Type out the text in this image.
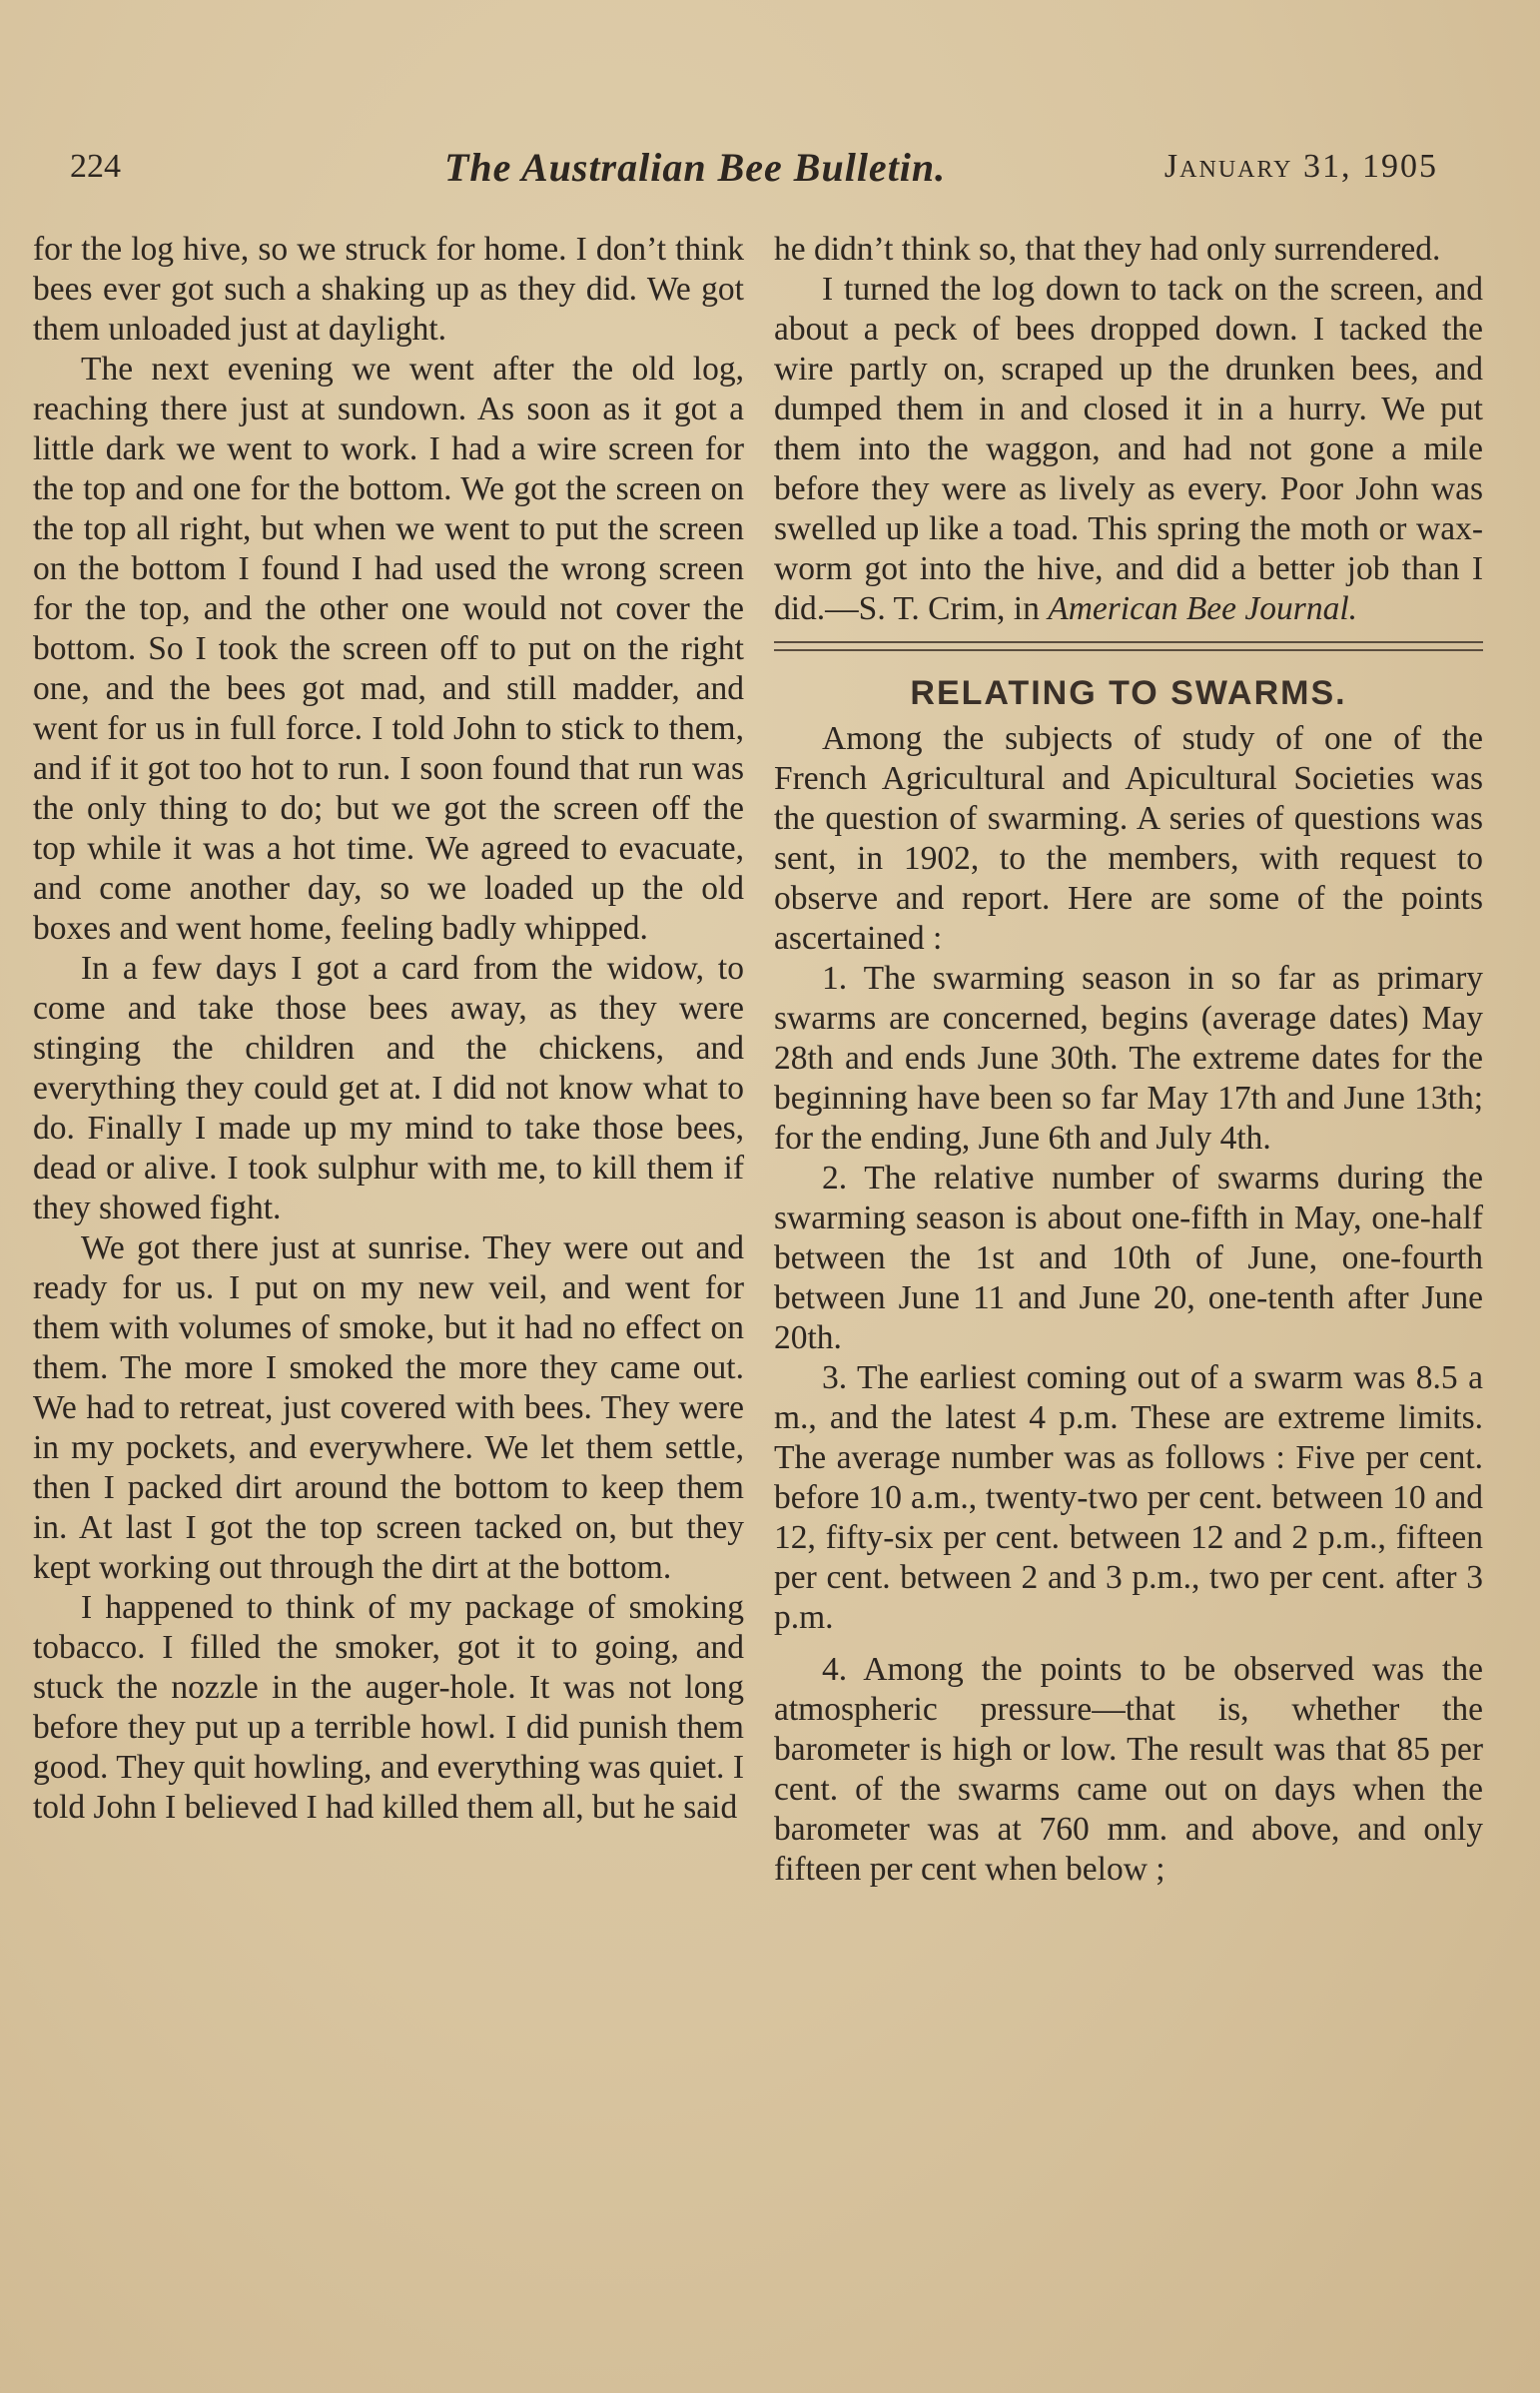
224	The Australian Bee Bulletin.	January 31, 1905

for the log hive, so we struck for home. I don’t think bees ever got such a shaking up as they did. We got them unloaded just at daylight.

The next evening we went after the old log, reaching there just at sundown. As soon as it got a little dark we went to work. I had a wire screen for the top and one for the bottom. We got the screen on the top all right, but when we went to put the screen on the bottom I found I had used the wrong screen for the top, and the other one would not cover the bottom. So I took the screen off to put on the right one, and the bees got mad, and still madder, and went for us in full force. I told John to stick to them, and if it got too hot to run. I soon found that run was the only thing to do; but we got the screen off the top while it was a hot time. We agreed to evacuate, and come another day, so we loaded up the old boxes and went home, feeling badly whipped.

In a few days I got a card from the widow, to come and take those bees away, as they were stinging the children and the chickens, and everything they could get at. I did not know what to do. Finally I made up my mind to take those bees, dead or alive. I took sulphur with me, to kill them if they showed fight.

We got there just at sunrise. They were out and ready for us. I put on my new veil, and went for them with volumes of smoke, but it had no effect on them. The more I smoked the more they came out. We had to retreat, just covered with bees. They were in my pockets, and everywhere. We let them settle, then I packed dirt around the bottom to keep them in. At last I got the top screen tacked on, but they kept working out through the dirt at the bottom.

I happened to think of my package of smoking tobacco. I filled the smoker, got it to going, and stuck the nozzle in the auger-hole. It was not long before they put up a terrible howl. I did punish them good. They quit howling, and everything was quiet. I told John I believed I had killed them all, but he said

he didn’t think so, that they had only surrendered.

I turned the log down to tack on the screen, and about a peck of bees dropped down. I tacked the wire partly on, scraped up the drunken bees, and dumped them in and closed it in a hurry. We put them into the waggon, and had not gone a mile before they were as lively as every. Poor John was swelled up like a toad. This spring the moth or wax-worm got into the hive, and did a better job than I did.—S. T. Crim, in American Bee Journal.

RELATING TO SWARMS.

Among the subjects of study of one of the French Agricultural and Apicultural Societies was the question of swarming. A series of questions was sent, in 1902, to the members, with request to observe and report. Here are some of the points ascertained :

1. The swarming season in so far as primary swarms are concerned, begins (average dates) May 28th and ends June 30th. The extreme dates for the beginning have been so far May 17th and June 13th; for the ending, June 6th and July 4th.

2. The relative number of swarms during the swarming season is about one-fifth in May, one-half between the 1st and 10th of June, one-fourth between June 11 and June 20, one-tenth after June 20th.

3. The earliest coming out of a swarm was 8.5 a m., and the latest 4 p.m. These are extreme limits. The average number was as follows : Five per cent. before 10 a.m., twenty-two per cent. between 10 and 12, fifty-six per cent. between 12 and 2 p.m., fifteen per cent. between 2 and 3 p.m., two per cent. after 3 p.m.

4. Among the points to be observed was the atmospheric pressure—that is, whether the barometer is high or low. The result was that 85 per cent. of the swarms came out on days when the barometer was at 760 mm. and above, and only fifteen per cent when below ;
